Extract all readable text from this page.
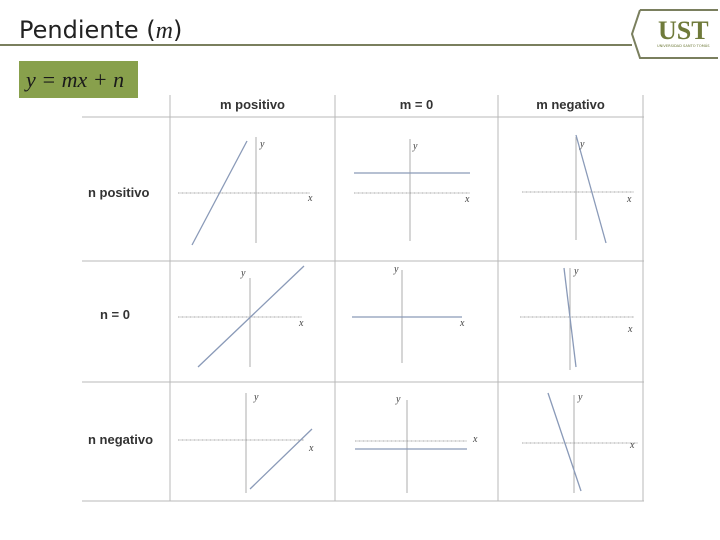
Pendiente (m)	UST
UNIVERSIDAD SANTO TOMÁS
y = mx + n
x
y
x
y
x
y
x
y
x
y
x
y
x
y
x
y
x
y
m positivo	m = 0	m negativo
n positivo
n = 0
n negativo
